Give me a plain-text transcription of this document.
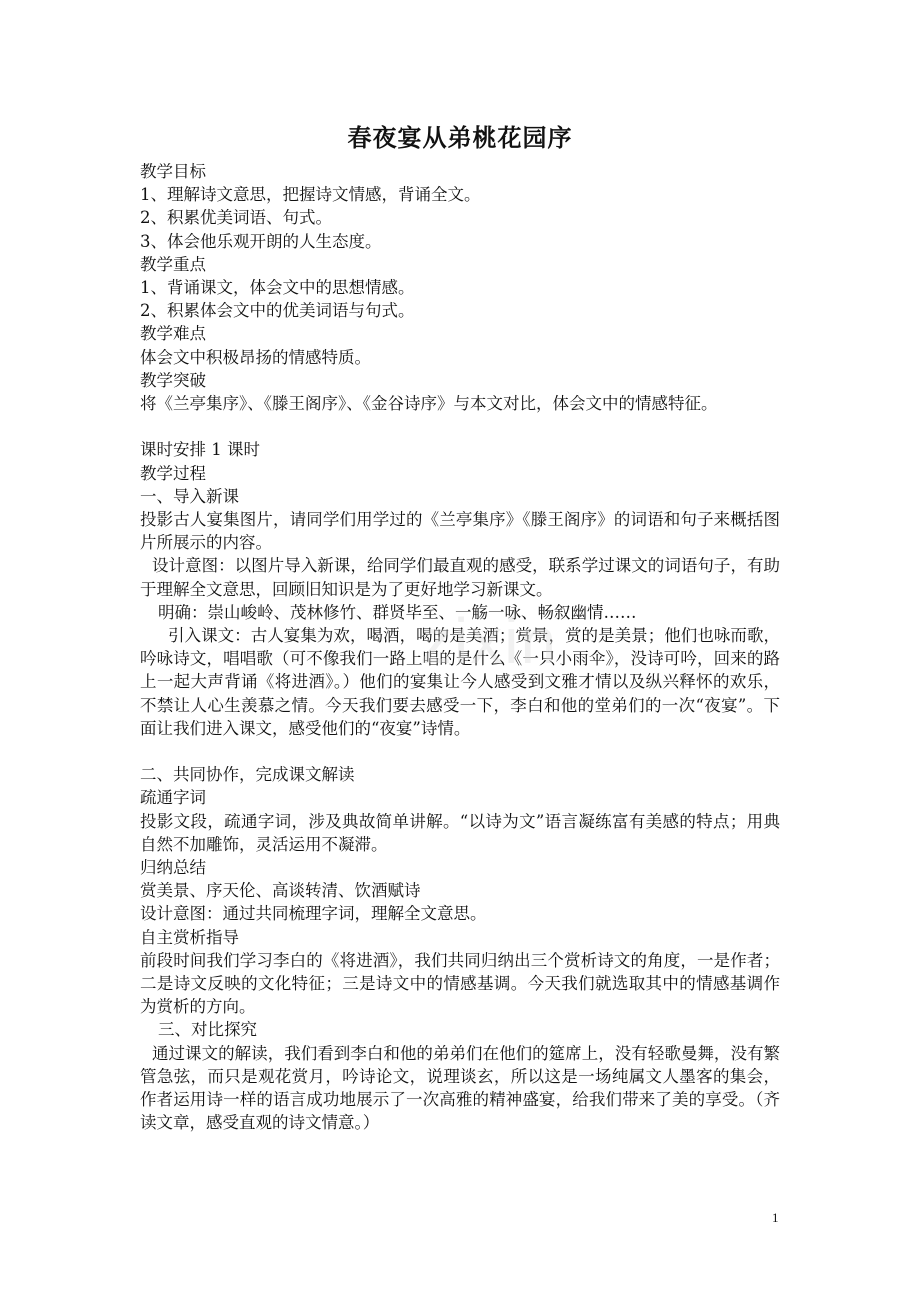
春夜宴从弟桃花园序

教学目标

1、理解诗文意思，把握诗文情感，背诵全文。

2、积累优美词语、句式。

3、体会他乐观开朗的人生态度。

教学重点

1、背诵课文，体会文中的思想情感。

2、积累体会文中的优美词语与句式。

教学难点

体会文中积极昂扬的情感特质。

教学突破

将《兰亭集序》、《滕王阁序》、《金谷诗序》与本文对比，体会文中的情感特征。

课时安排 1 课时

教学过程

一、导入新课

投影古人宴集图片，请同学们用学过的《兰亭集序》《滕王阁序》的词语和句子来概括图片所展示的内容。

设计意图：以图片导入新课，给同学们最直观的感受，联系学过课文的词语句子，有助于理解全文意思，回顾旧知识是为了更好地学习新课文。

明确：崇山峻岭、茂林修竹、群贤毕至、一觞一咏、畅叙幽情……

引入课文：古人宴集为欢，喝酒，喝的是美酒；赏景，赏的是美景；他们也咏而歌，吟咏诗文，唱唱歌（可不像我们一路上唱的是什么《一只小雨伞》，没诗可吟，回来的路上一起大声背诵《将进酒》。）他们的宴集让今人感受到文雅才情以及纵兴释怀的欢乐，不禁让人心生羡慕之情。今天我们要去感受一下，李白和他的堂弟们的一次“夜宴”。下面让我们进入课文，感受他们的“夜宴”诗情。

二、共同协作，完成课文解读

疏通字词

投影文段，疏通字词，涉及典故简单讲解。“以诗为文”语言凝练富有美感的特点；用典自然不加雕饰，灵活运用不凝滞。

归纳总结

赏美景、序天伦、高谈转清、饮酒赋诗

设计意图：通过共同梳理字词，理解全文意思。

自主赏析指导

前段时间我们学习李白的《将进酒》，我们共同归纳出三个赏析诗文的角度，一是作者；二是诗文反映的文化特征；三是诗文中的情感基调。今天我们就选取其中的情感基调作为赏析的方向。

三、对比探究

通过课文的解读，我们看到李白和他的弟弟们在他们的筵席上，没有轻歌曼舞，没有繁管急弦，而只是观花赏月，吟诗论文，说理谈玄，所以这是一场纯属文人墨客的集会，作者运用诗一样的语言成功地展示了一次高雅的精神盛宴，给我们带来了美的享受。（齐读文章，感受直观的诗文情意。）

zixin
1
